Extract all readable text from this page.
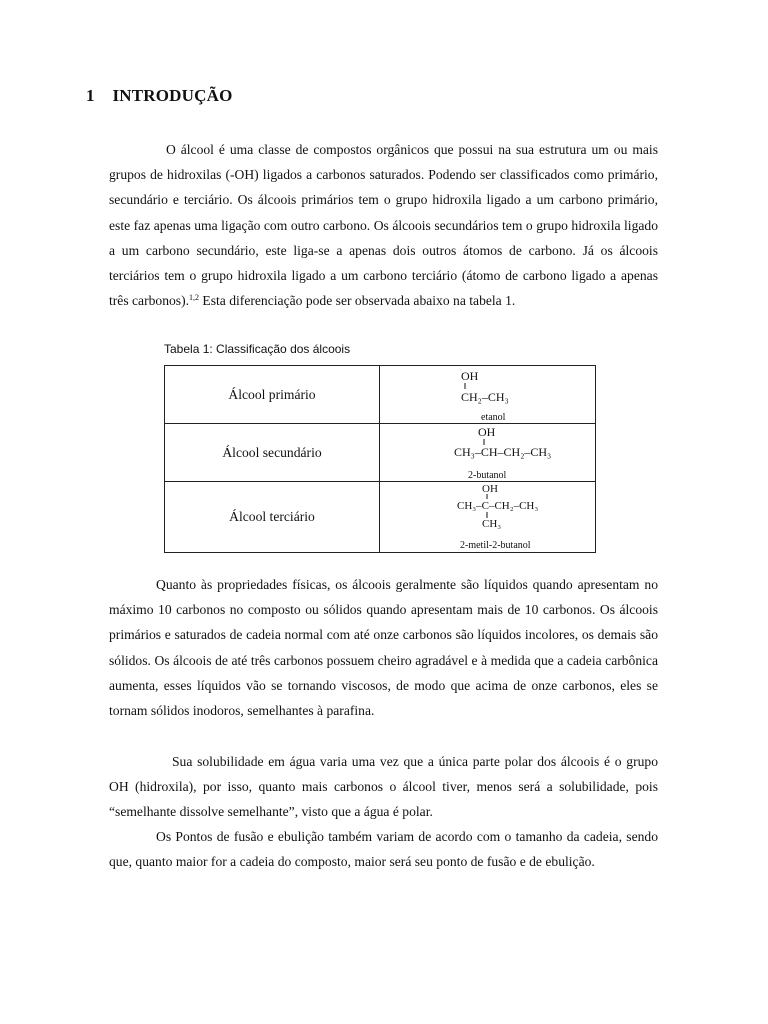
1 INTRODUÇÃO

O álcool é uma classe de compostos orgânicos que possui na sua estrutura um ou mais grupos de hidroxilas (-OH) ligados a carbonos saturados. Podendo ser classificados como primário, secundário e terciário. Os álcoois primários tem o grupo hidroxila ligado a um carbono primário, este faz apenas uma ligação com outro carbono. Os álcoois secundários tem o grupo hidroxila ligado a um carbono secundário, este liga-se a apenas dois outros átomos de carbono. Já os álcoois terciários tem o grupo hidroxila ligado a um carbono terciário (átomo de carbono ligado a apenas três carbonos).$^{1,2}$ Esta diferenciação pode ser observada abaixo na tabela 1.

Tabela 1: Classificação dos álcoois
Álcool primário	OH
CH₂–CH₃
etanol

Álcool secundário	OH
CH₃–CH–CH₂–CH₃
2-butanol

Álcool terciário	OH
CH₃–C–CH₂–CH₃
CH₃
2-metil-2-butanol

Quanto às propriedades físicas, os álcoois geralmente são líquidos quando apresentam no máximo 10 carbonos no composto ou sólidos quando apresentam mais de 10 carbonos. Os álcoois primários e saturados de cadeia normal com até onze carbonos são líquidos incolores, os demais são sólidos. Os álcoois de até três carbonos possuem cheiro agradável e à medida que a cadeia carbônica aumenta, esses líquidos vão se tornando viscosos, de modo que acima de onze carbonos, eles se tornam sólidos inodoros, semelhantes à parafina.

Sua solubilidade em água varia uma vez que a única parte polar dos álcoois é o grupo OH (hidroxila), por isso, quanto mais carbonos o álcool tiver, menos será a solubilidade, pois “semelhante dissolve semelhante”, visto que a água é polar.

Os Pontos de fusão e ebulição também variam de acordo com o tamanho da cadeia, sendo que, quanto maior for a cadeia do composto, maior será seu ponto de fusão e de ebulição.
